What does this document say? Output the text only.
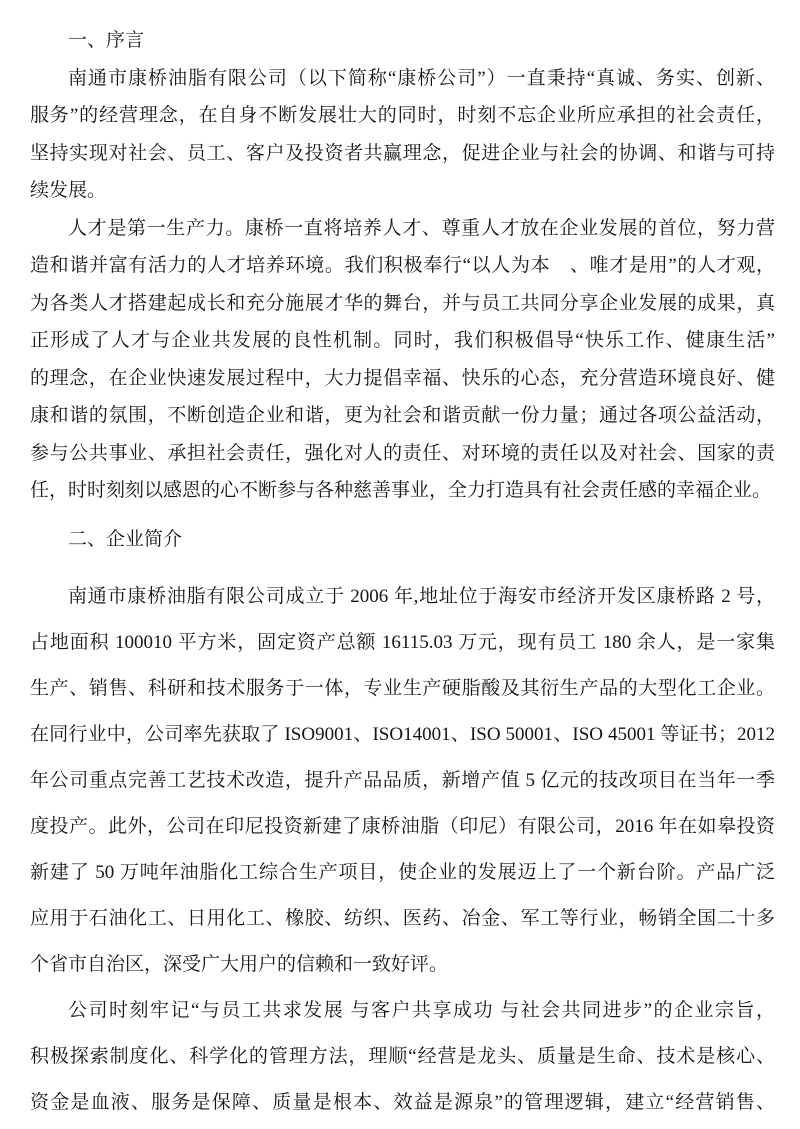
一、序言
南通市康桥油脂有限公司（以下简称“康桥公司”）一直秉持“真诚、务实、创新、
服务”的经营理念，在自身不断发展壮大的同时，时刻不忘企业所应承担的社会责任，
坚持实现对社会、员工、客户及投资者共赢理念，促进企业与社会的协调、和谐与可持
续发展。
人才是第一生产力。康桥一直将培养人才、尊重人才放在企业发展的首位，努力营
造和谐并富有活力的人才培养环境。我们积极奉行“以人为本　、唯才是用”的人才观，
为各类人才搭建起成长和充分施展才华的舞台，并与员工共同分享企业发展的成果，真
正形成了人才与企业共发展的良性机制。同时，我们积极倡导“快乐工作、健康生活”
的理念，在企业快速发展过程中，大力提倡幸福、快乐的心态，充分营造环境良好、健
康和谐的氛围，不断创造企业和谐，更为社会和谐贡献一份力量；通过各项公益活动，
参与公共事业、承担社会责任，强化对人的责任、对环境的责任以及对社会、国家的责
任，时时刻刻以感恩的心不断参与各种慈善事业，全力打造具有社会责任感的幸福企业。
二、企业简介
南通市康桥油脂有限公司成立于 2006 年,地址位于海安市经济开发区康桥路 2 号，
占地面积 100010 平方米，固定资产总额 16115.03 万元，现有员工 180 余人，是一家集
生产、销售、科研和技术服务于一体，专业生产硬脂酸及其衍生产品的大型化工企业。
在同行业中，公司率先获取了 ISO9001、ISO14001、ISO 50001、ISO 45001 等证书；2012
年公司重点完善工艺技术改造，提升产品品质，新增产值 5 亿元的技改项目在当年一季
度投产。此外，公司在印尼投资新建了康桥油脂（印尼）有限公司，2016 年在如皋投资
新建了 50 万吨年油脂化工综合生产项目，使企业的发展迈上了一个新台阶。产品广泛
应用于石油化工、日用化工、橡胶、纺织、医药、冶金、军工等行业，畅销全国二十多
个省市自治区，深受广大用户的信赖和一致好评。
公司时刻牢记“与员工共求发展 与客户共享成功 与社会共同进步”的企业宗旨，
积极探索制度化、科学化的管理方法，理顺“经营是龙头、质量是生命、技术是核心、
资金是血液、服务是保障、质量是根本、效益是源泉”的管理逻辑，建立“经营销售、
